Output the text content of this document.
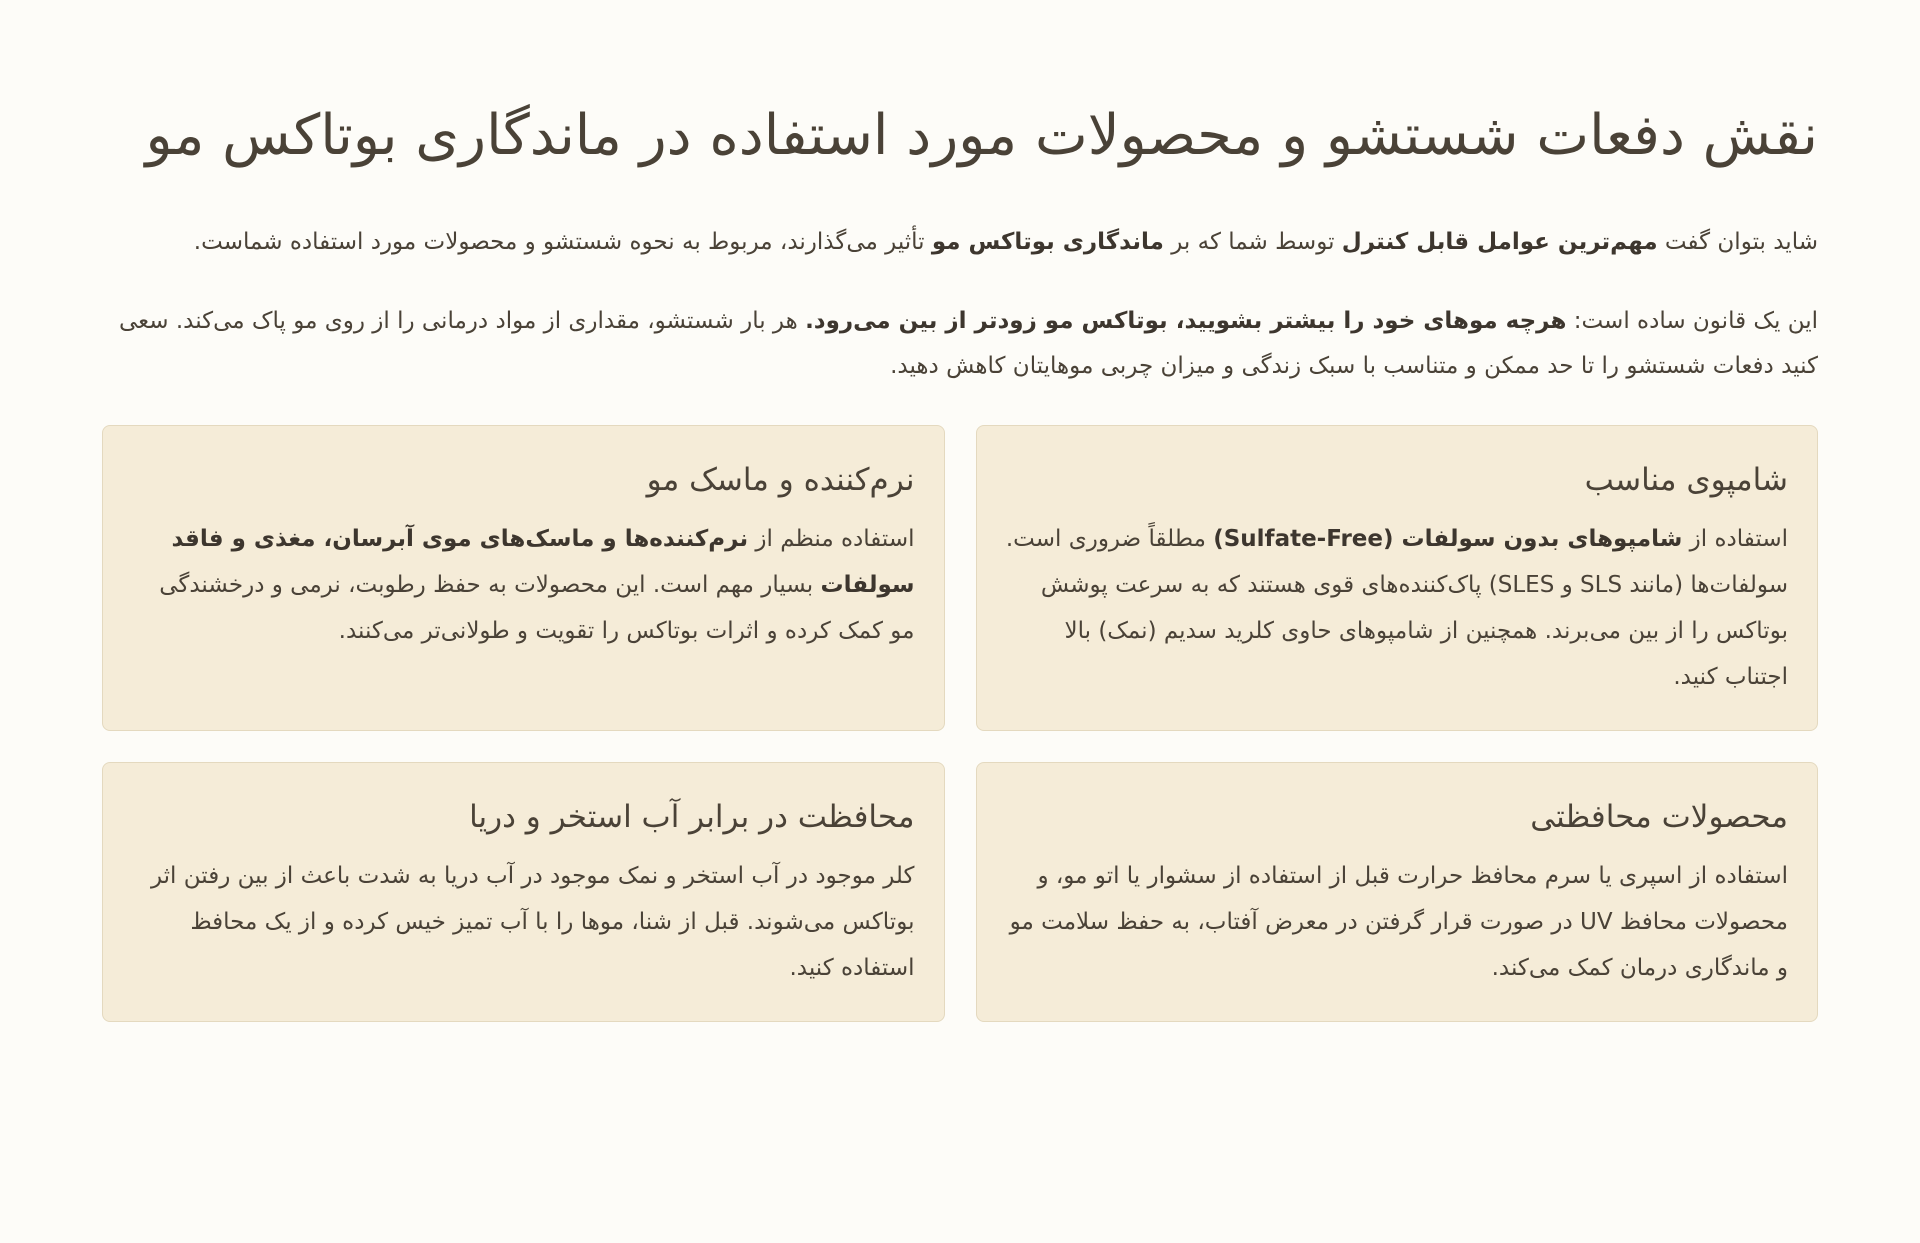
نقش دفعات شستشو و محصولات مورد استفاده در ماندگاری بوتاکس مو

شاید بتوان گفت مهم‌ترین عوامل قابل کنترل توسط شما که بر ماندگاری بوتاکس مو تأثیر می‌گذارند، مربوط به نحوه شستشو و محصولات مورد استفاده شماست.

این یک قانون ساده است: هرچه موهای خود را بیشتر بشویید، بوتاکس مو زودتر از بین می‌رود. هر بار شستشو، مقداری از مواد درمانی را از روی مو پاک می‌کند. سعی کنید دفعات شستشو را تا حد ممکن و متناسب با سبک زندگی و میزان چربی موهایتان کاهش دهید.

شامپوی مناسب

استفاده از شامپوهای بدون سولفات (Sulfate-Free) مطلقاً ضروری است. سولفات‌ها (مانند SLS و SLES) پاک‌کننده‌های قوی هستند که به سرعت پوشش بوتاکس را از بین می‌برند. همچنین از شامپوهای حاوی کلرید سدیم (نمک) بالا اجتناب کنید.

نرم‌کننده و ماسک مو

استفاده منظم از نرم‌کننده‌ها و ماسک‌های موی آبرسان، مغذی و فاقد سولفات بسیار مهم است. این محصولات به حفظ رطوبت، نرمی و درخشندگی مو کمک کرده و اثرات بوتاکس را تقویت و طولانی‌تر می‌کنند.

محصولات محافظتی

استفاده از اسپری یا سرم محافظ حرارت قبل از استفاده از سشوار یا اتو مو، و محصولات محافظ UV در صورت قرار گرفتن در معرض آفتاب، به حفظ سلامت مو و ماندگاری درمان کمک می‌کند.

محافظت در برابر آب استخر و دریا

کلر موجود در آب استخر و نمک موجود در آب دریا به شدت باعث از بین رفتن اثر بوتاکس می‌شوند. قبل از شنا، موها را با آب تمیز خیس کرده و از یک محافظ استفاده کنید.
